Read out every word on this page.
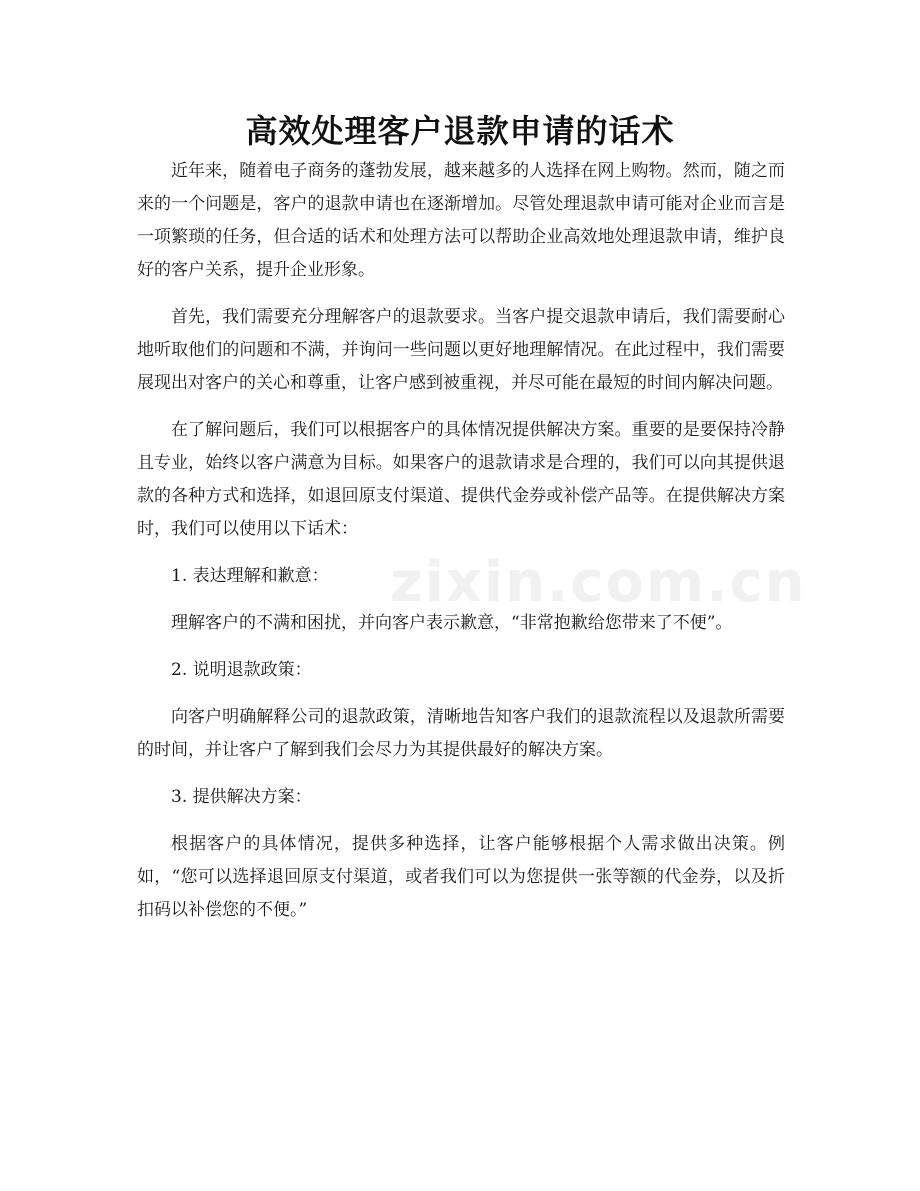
高效处理客户退款申请的话术

近年来，随着电子商务的蓬勃发展，越来越多的人选择在网上购物。然而，随之而来的一个问题是，客户的退款申请也在逐渐增加。尽管处理退款申请可能对企业而言是一项繁琐的任务，但合适的话术和处理方法可以帮助企业高效地处理退款申请，维护良好的客户关系，提升企业形象。

首先，我们需要充分理解客户的退款要求。当客户提交退款申请后，我们需要耐心地听取他们的问题和不满，并询问一些问题以更好地理解情况。在此过程中，我们需要展现出对客户的关心和尊重，让客户感到被重视，并尽可能在最短的时间内解决问题。

在了解问题后，我们可以根据客户的具体情况提供解决方案。重要的是要保持冷静且专业，始终以客户满意为目标。如果客户的退款请求是合理的，我们可以向其提供退款的各种方式和选择，如退回原支付渠道、提供代金券或补偿产品等。在提供解决方案时，我们可以使用以下话术：

1. 表达理解和歉意：

理解客户的不满和困扰，并向客户表示歉意，“非常抱歉给您带来了不便”。

2. 说明退款政策：

向客户明确解释公司的退款政策，清晰地告知客户我们的退款流程以及退款所需要的时间，并让客户了解到我们会尽力为其提供最好的解决方案。

3. 提供解决方案：

根据客户的具体情况，提供多种选择，让客户能够根据个人需求做出决策。例如，“您可以选择退回原支付渠道，或者我们可以为您提供一张等额的代金券，以及折扣码以补偿您的不便。”

zixin.com.cn
